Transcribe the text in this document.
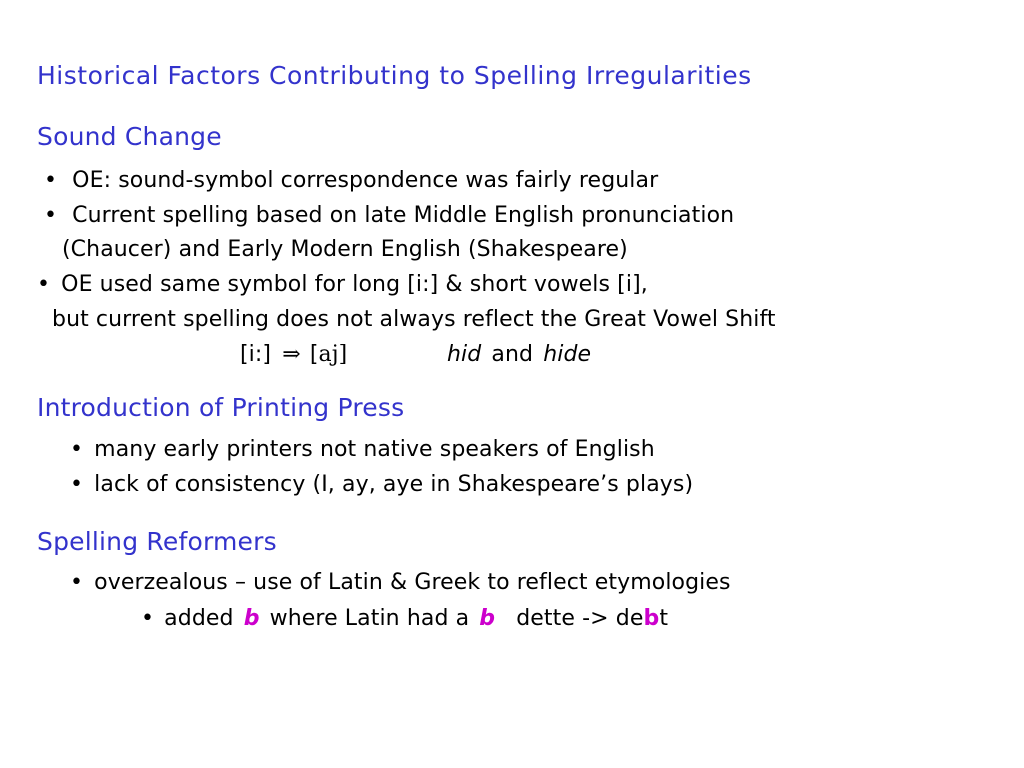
Historical Factors Contributing to Spelling Irregularities
Sound Change
• OE: sound-symbol correspondence was fairly regular
• Current spelling based on late Middle English pronunciation
(Chaucer) and Early Modern English (Shakespeare)
• OE used same symbol for long [i:] & short vowels [i],
but current spelling does not always reflect the Great Vowel Shift
[i:] ⇒ [aj]	hid and hide
Introduction of Printing Press
• many early printers not native speakers of English
• lack of consistency (I, ay, aye in Shakespeare’s plays)
Spelling Reformers
• overzealous – use of Latin & Greek to reflect etymologies
• added b where Latin had a b dette -> debt
